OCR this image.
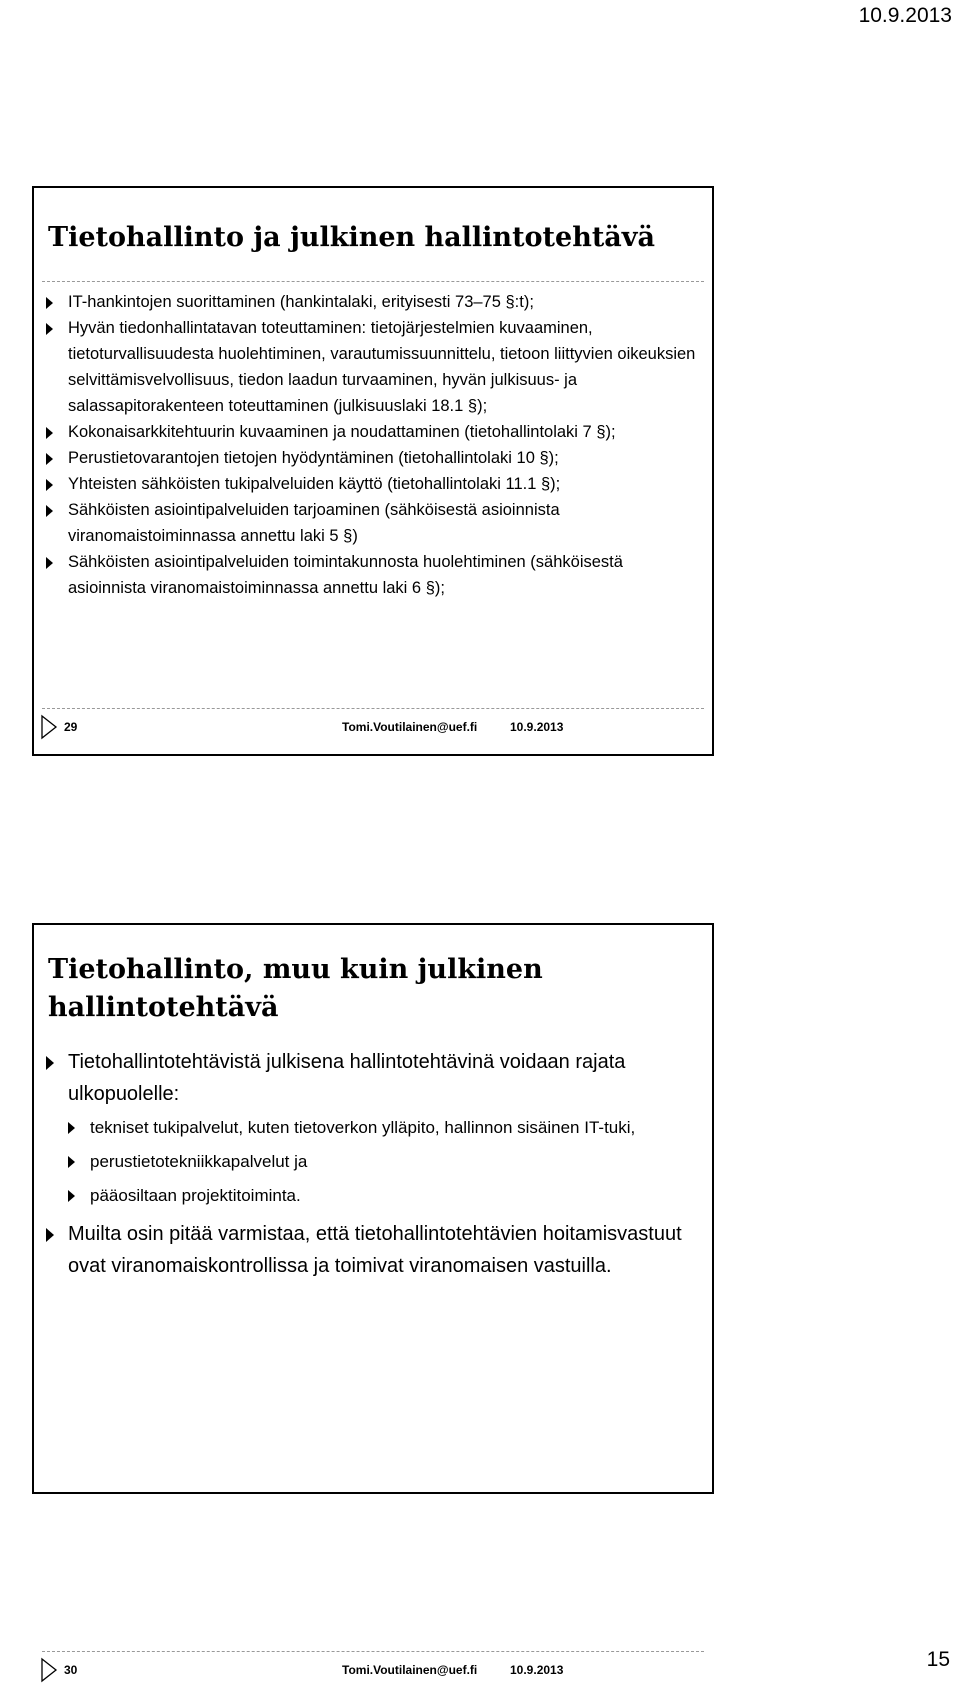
10.9.2013
Tietohallinto ja julkinen hallintotehtävä
IT-hankintojen suorittaminen (hankintalaki, erityisesti 73–75 §:t);
Hyvän tiedonhallintatavan toteuttaminen: tietojärjestelmien kuvaaminen, tietoturvallisuudesta huolehtiminen, varautumissuunnittelu, tietoon liittyvien oikeuksien selvittämisvelvollisuus, tiedon laadun turvaaminen, hyvän julkisuus- ja salassapitorakenteen toteuttaminen (julkisuuslaki 18.1 §);
Kokonaisarkkitehtuurin kuvaaminen ja noudattaminen (tietohallintolaki 7 §);
Perustietovarantojen tietojen hyödyntäminen (tietohallintolaki 10 §);
Yhteisten sähköisten tukipalveluiden käyttö (tietohallintolaki 11.1 §);
Sähköisten asiointipalveluiden tarjoaminen (sähköisestä asioinnista viranomaistoiminnassa annettu laki 5 §)
Sähköisten asiointipalveluiden toimintakunnosta huolehtiminen (sähköisestä asioinnista viranomaistoiminnassa annettu laki 6 §);
29	Tomi.Voutilainen@uef.fi	10.9.2013
Tietohallinto, muu kuin julkinen hallintotehtävä
Tietohallintotehtävistä julkisena hallintotehtävinä voidaan rajata ulkopuolelle:
tekniset tukipalvelut, kuten tietoverkon ylläpito, hallinnon sisäinen IT-tuki,
perustietotekniikkapalvelut ja
pääosiltaan projektitoiminta.
Muilta osin pitää varmistaa, että tietohallintotehtävien hoitamisvastuut ovat viranomaiskontrollissa ja toimivat viranomaisen vastuilla.
30	Tomi.Voutilainen@uef.fi	10.9.2013	15
